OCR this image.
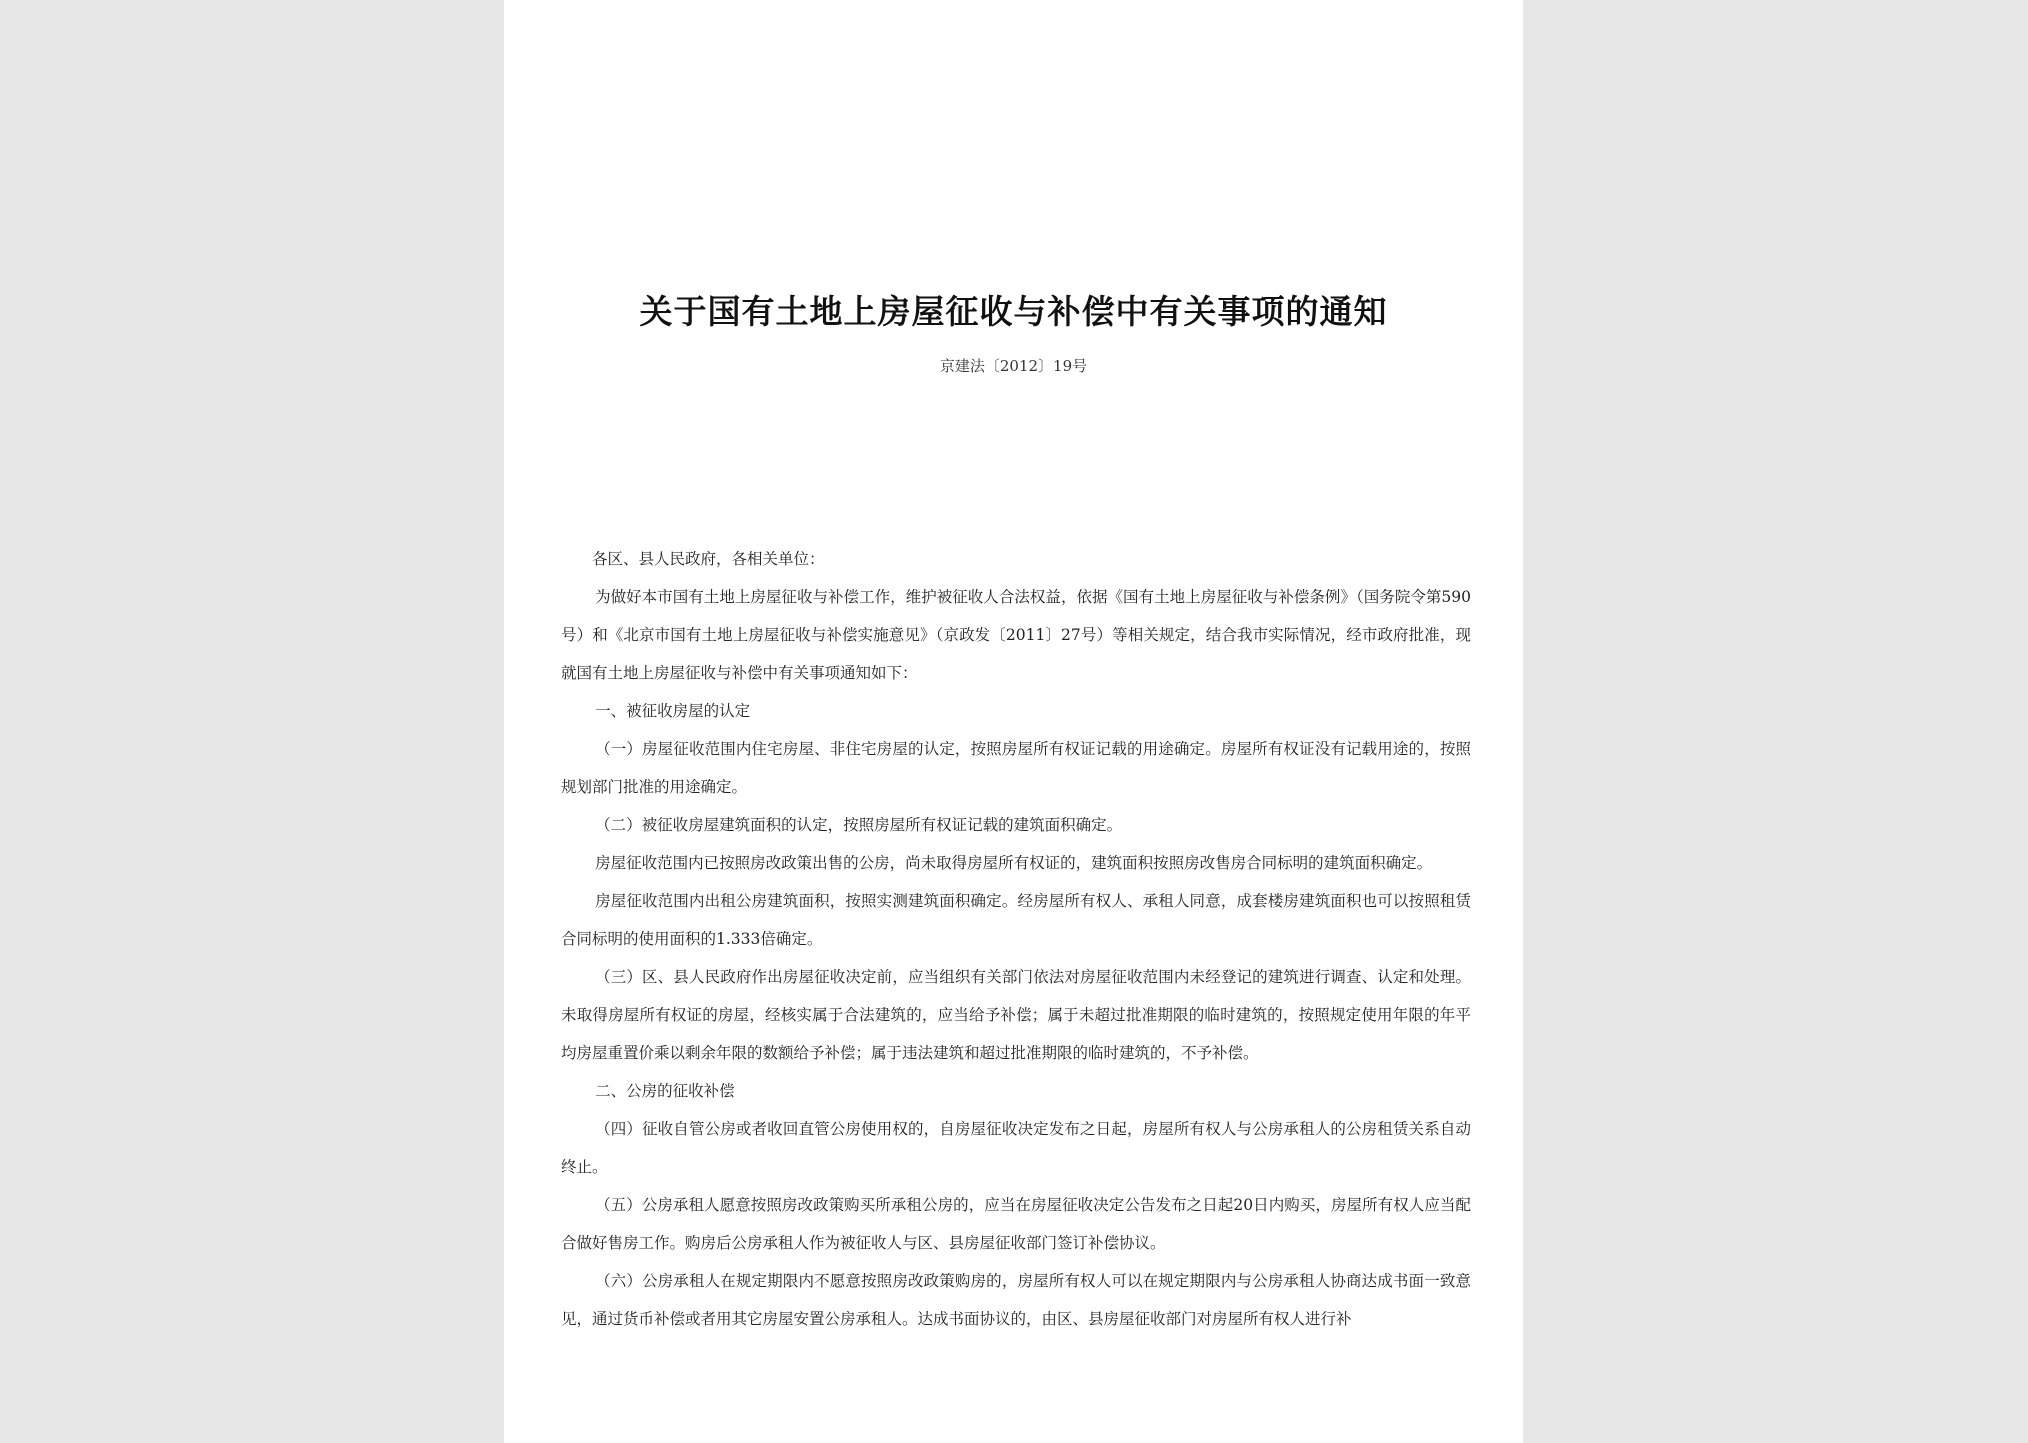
关于国有土地上房屋征收与补偿中有关事项的通知
京建法〔2012〕19号

各区、县人民政府，各相关单位：

为做好本市国有土地上房屋征收与补偿工作，维护被征收人合法权益，依据《国有土地上房屋征收与补偿条例》（国务院令第590号）和《北京市国有土地上房屋征收与补偿实施意见》（京政发〔2011〕27号）等相关规定，结合我市实际情况，经市政府批准，现就国有土地上房屋征收与补偿中有关事项通知如下：

一、被征收房屋的认定

（一）房屋征收范围内住宅房屋、非住宅房屋的认定，按照房屋所有权证记载的用途确定。房屋所有权证没有记载用途的，按照规划部门批准的用途确定。

（二）被征收房屋建筑面积的认定，按照房屋所有权证记载的建筑面积确定。

房屋征收范围内已按照房改政策出售的公房，尚未取得房屋所有权证的，建筑面积按照房改售房合同标明的建筑面积确定。

房屋征收范围内出租公房建筑面积，按照实测建筑面积确定。经房屋所有权人、承租人同意，成套楼房建筑面积也可以按照租赁合同标明的使用面积的1.333倍确定。

（三）区、县人民政府作出房屋征收决定前，应当组织有关部门依法对房屋征收范围内未经登记的建筑进行调查、认定和处理。未取得房屋所有权证的房屋，经核实属于合法建筑的，应当给予补偿；属于未超过批准期限的临时建筑的，按照规定使用年限的年平均房屋重置价乘以剩余年限的数额给予补偿；属于违法建筑和超过批准期限的临时建筑的，不予补偿。

二、公房的征收补偿

（四）征收自管公房或者收回直管公房使用权的，自房屋征收决定发布之日起，房屋所有权人与公房承租人的公房租赁关系自动终止。

（五）公房承租人愿意按照房改政策购买所承租公房的，应当在房屋征收决定公告发布之日起20日内购买，房屋所有权人应当配合做好售房工作。购房后公房承租人作为被征收人与区、县房屋征收部门签订补偿协议。

（六）公房承租人在规定期限内不愿意按照房改政策购房的，房屋所有权人可以在规定期限内与公房承租人协商达成书面一致意见，通过货币补偿或者用其它房屋安置公房承租人。达成书面协议的，由区、县房屋征收部门对房屋所有权人进行补
